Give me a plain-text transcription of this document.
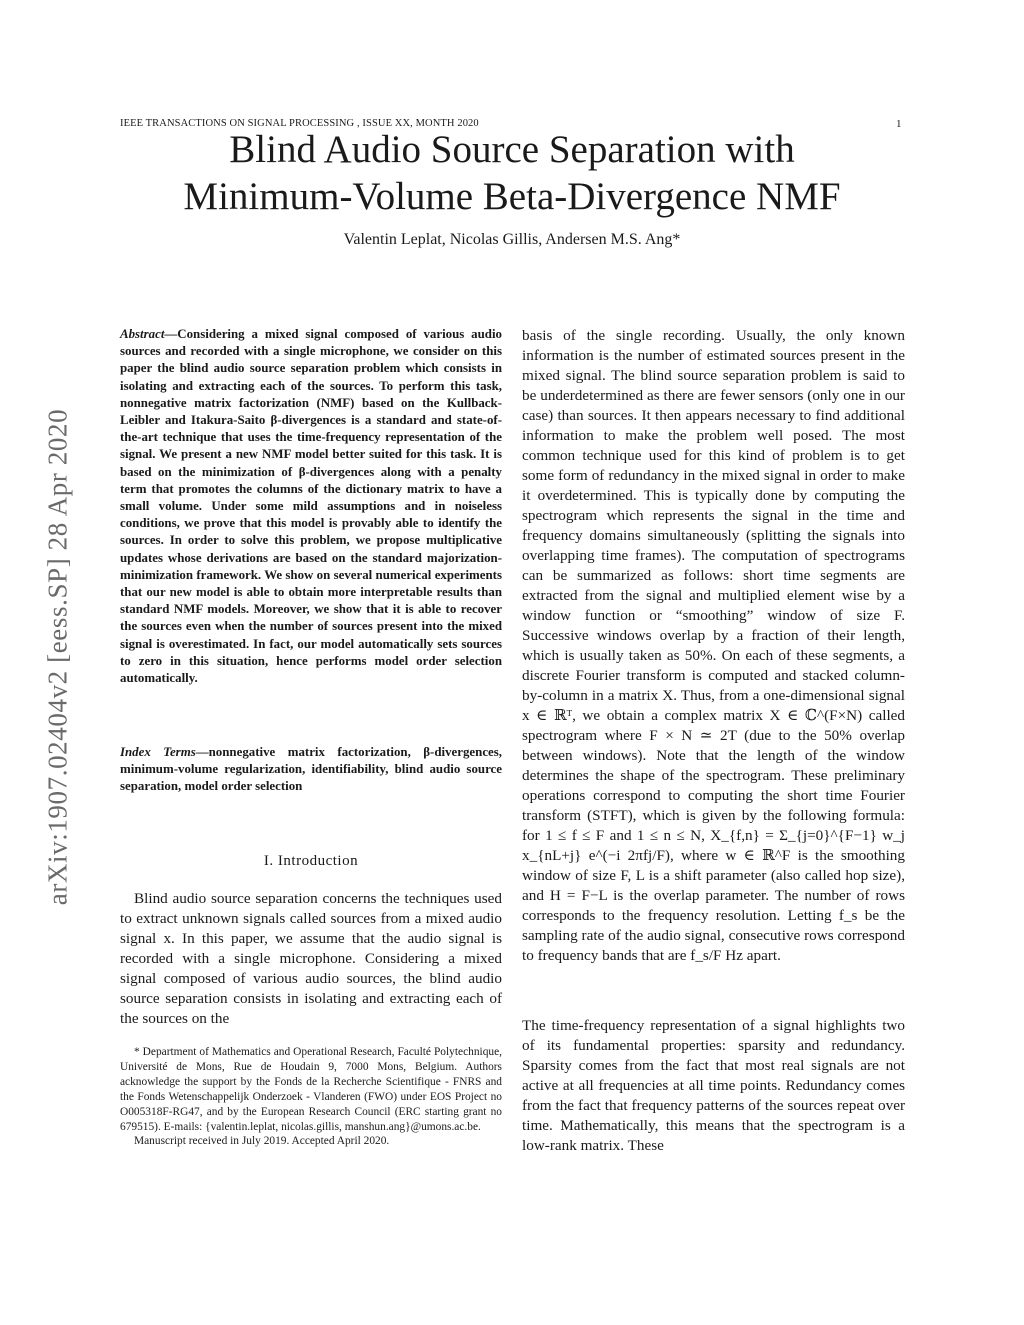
IEEE TRANSACTIONS ON SIGNAL PROCESSING , ISSUE XX, MONTH 2020	1
Blind Audio Source Separation with
Minimum-Volume Beta-Divergence NMF
Valentin Leplat, Nicolas Gillis, Andersen M.S. Ang*
arXiv:1907.02404v2 [eess.SP] 28 Apr 2020

Abstract—Considering a mixed signal composed of various audio sources and recorded with a single microphone, we consider on this paper the blind audio source separation problem which consists in isolating and extracting each of the sources. To perform this task, nonnegative matrix factorization (NMF) based on the Kullback-Leibler and Itakura-Saito β-divergences is a standard and state-of-the-art technique that uses the time-frequency representation of the signal. We present a new NMF model better suited for this task. It is based on the minimization of β-divergences along with a penalty term that promotes the columns of the dictionary matrix to have a small volume. Under some mild assumptions and in noiseless conditions, we prove that this model is provably able to identify the sources. In order to solve this problem, we propose multiplicative updates whose derivations are based on the standard majorization-minimization framework. We show on several numerical experiments that our new model is able to obtain more interpretable results than standard NMF models. Moreover, we show that it is able to recover the sources even when the number of sources present into the mixed signal is overestimated. In fact, our model automatically sets sources to zero in this situation, hence performs model order selection automatically.

Index Terms—nonnegative matrix factorization, β-divergences, minimum-volume regularization, identifiability, blind audio source separation, model order selection

I. Introduction

Blind audio source separation concerns the techniques used to extract unknown signals called sources from a mixed audio signal x. In this paper, we assume that the audio signal is recorded with a single microphone. Considering a mixed signal composed of various audio sources, the blind audio source separation consists in isolating and extracting each of the sources on the

* Department of Mathematics and Operational Research, Faculté Polytechnique, Université de Mons, Rue de Houdain 9, 7000 Mons, Belgium. Authors acknowledge the support by the Fonds de la Recherche Scientifique - FNRS and the Fonds Wetenschappelijk Onderzoek - Vlanderen (FWO) under EOS Project no O005318F-RG47, and by the European Research Council (ERC starting grant no 679515). E-mails: {valentin.leplat, nicolas.gillis, manshun.ang}@umons.ac.be.

Manuscript received in July 2019. Accepted April 2020.

basis of the single recording. Usually, the only known information is the number of estimated sources present in the mixed signal. The blind source separation problem is said to be underdetermined as there are fewer sensors (only one in our case) than sources. It then appears necessary to find additional information to make the problem well posed. The most common technique used for this kind of problem is to get some form of redundancy in the mixed signal in order to make it overdetermined. This is typically done by computing the spectrogram which represents the signal in the time and frequency domains simultaneously (splitting the signals into overlapping time frames). The computation of spectrograms can be summarized as follows: short time segments are extracted from the signal and multiplied element wise by a window function or “smoothing” window of size F. Successive windows overlap by a fraction of their length, which is usually taken as 50%. On each of these segments, a discrete Fourier transform is computed and stacked column-by-column in a matrix X. Thus, from a one-dimensional signal x ∈ ℝᵀ, we obtain a complex matrix X ∈ ℂ^(F×N) called spectrogram where F × N ≃ 2T (due to the 50% overlap between windows). Note that the length of the window determines the shape of the spectrogram. These preliminary operations correspond to computing the short time Fourier transform (STFT), which is given by the following formula: for 1 ≤ f ≤ F and 1 ≤ n ≤ N, X_{f,n} = Σ_{j=0}^{F−1} w_j x_{nL+j} e^(−i 2πfj/F), where w ∈ ℝ^F is the smoothing window of size F, L is a shift parameter (also called hop size), and H = F−L is the overlap parameter. The number of rows corresponds to the frequency resolution. Letting f_s be the sampling rate of the audio signal, consecutive rows correspond to frequency bands that are f_s/F Hz apart.

The time-frequency representation of a signal highlights two of its fundamental properties: sparsity and redundancy. Sparsity comes from the fact that most real signals are not active at all frequencies at all time points. Redundancy comes from the fact that frequency patterns of the sources repeat over time. Mathematically, this means that the spectrogram is a low-rank matrix. These
